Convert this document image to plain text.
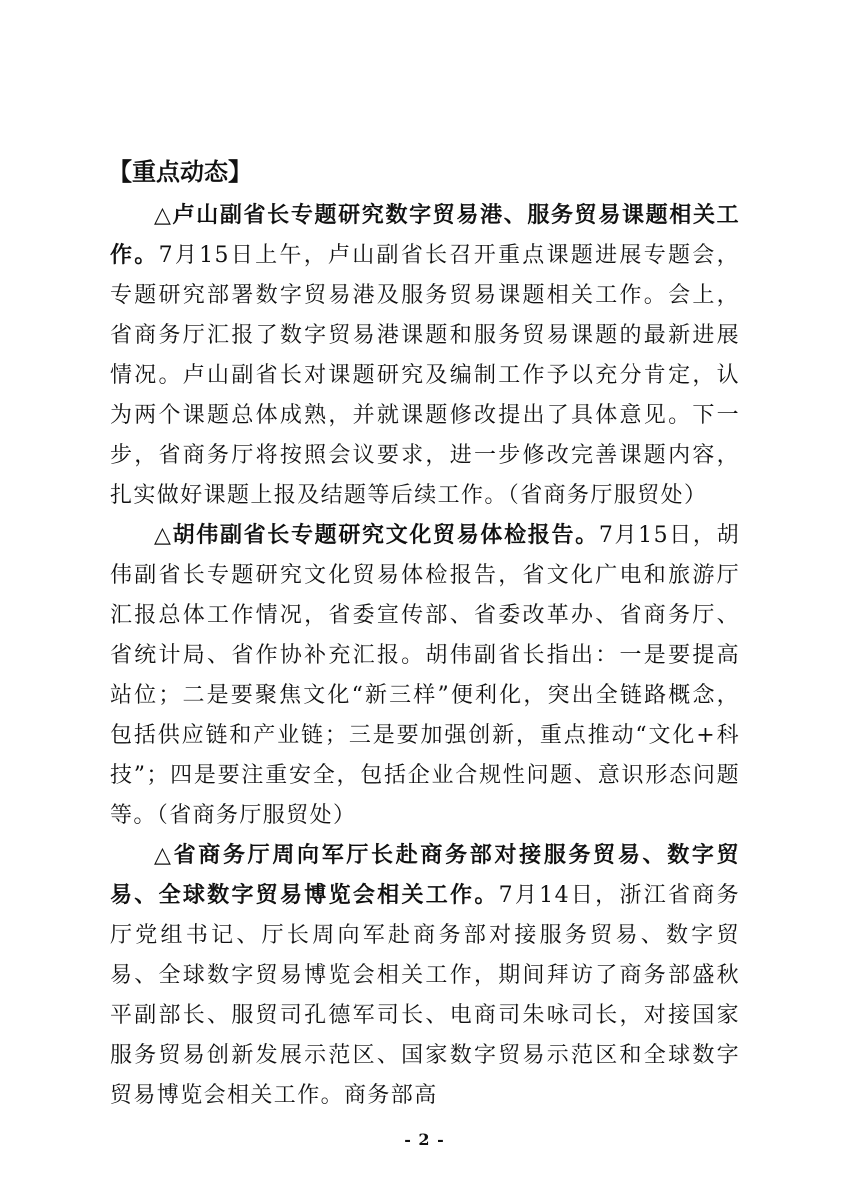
【重点动态】

△卢山副省长专题研究数字贸易港、服务贸易课题相关工作。7月15日上午，卢山副省长召开重点课题进展专题会，专题研究部署数字贸易港及服务贸易课题相关工作。会上，省商务厅汇报了数字贸易港课题和服务贸易课题的最新进展情况。卢山副省长对课题研究及编制工作予以充分肯定，认为两个课题总体成熟，并就课题修改提出了具体意见。下一步，省商务厅将按照会议要求，进一步修改完善课题内容，扎实做好课题上报及结题等后续工作。（省商务厅服贸处）

△胡伟副省长专题研究文化贸易体检报告。7月15日，胡伟副省长专题研究文化贸易体检报告，省文化广电和旅游厅汇报总体工作情况，省委宣传部、省委改革办、省商务厅、省统计局、省作协补充汇报。胡伟副省长指出：一是要提高站位；二是要聚焦文化“新三样”便利化，突出全链路概念，包括供应链和产业链；三是要加强创新，重点推动“文化+科技”；四是要注重安全，包括企业合规性问题、意识形态问题等。（省商务厅服贸处）

△省商务厅周向军厅长赴商务部对接服务贸易、数字贸易、全球数字贸易博览会相关工作。7月14日，浙江省商务厅党组书记、厅长周向军赴商务部对接服务贸易、数字贸易、全球数字贸易博览会相关工作，期间拜访了商务部盛秋平副部长、服贸司孔德军司长、电商司朱咏司长，对接国家服务贸易创新发展示范区、国家数字贸易示范区和全球数字贸易博览会相关工作。商务部高

- 2 -
